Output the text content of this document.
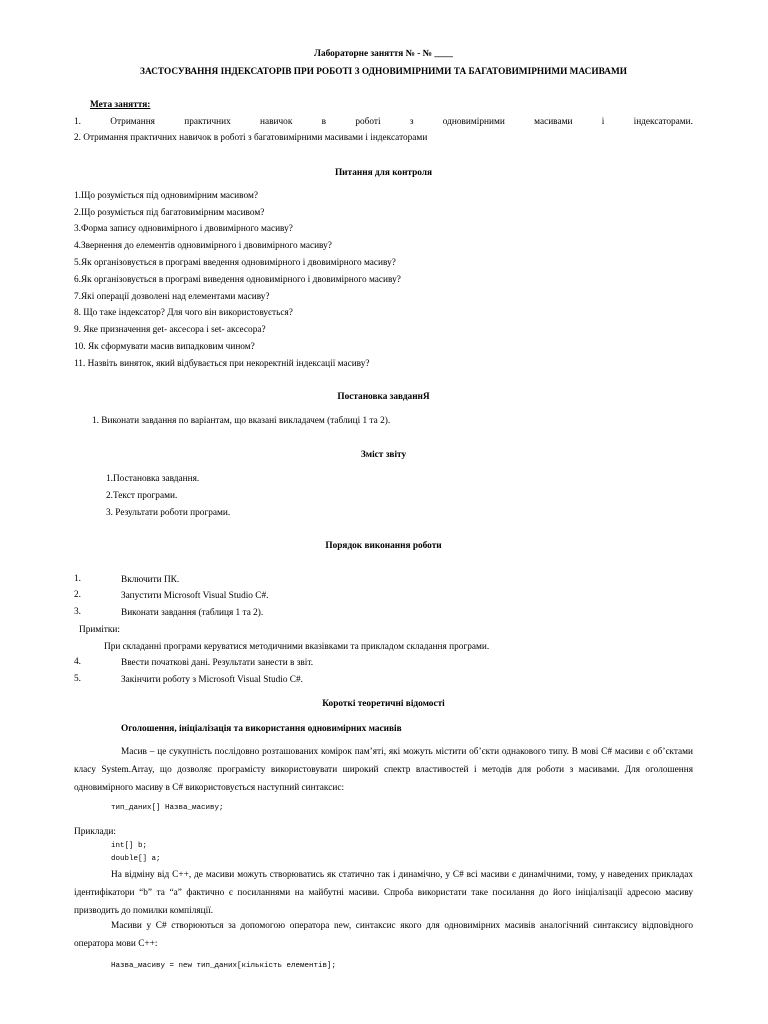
Лабораторне заняття № - № ____
ЗАСТОСУВАННЯ ІНДЕКСАТОРІВ ПРИ РОБОТІ З ОДНОВИМІРНИМИ ТА БАГАТОВИМІРНИМИ МАСИВАМИ
Мета заняття:
1. Отримання практичних навичок в роботі з одновимірними масивами і індексаторами.
2. Отримання практичних навичок в роботі з багатовимірними масивами і індексаторами
Питання для контроля
1.Що розуміється під одновимірним масивом?
2.Що розуміється під багатовимірним масивом?
3.Форма запису одновимірного і двовимірного масиву?
4.Звернення до елементів одновимірного і двовимірного масиву?
5.Як організовується в програмі введення одновимірного і двовимірного масиву?
6.Як організовується в програмі виведення одновимірного і двовимірного масиву?
7.Які операції дозволені над елементами масиву?
8. Що таке індексатор? Для чого він використовується?
9. Яке призначення get- аксесора і set- аксесора?
10. Як сформувати масив випадковим чином?
11. Назвіть виняток, який відбувається при некоректній індексації масиву?
Постановка завданнЯ
1. Виконати завдання по варіантам, що вказані викладачем (таблиці 1 та 2).
Зміст звіту
1.Постановка завдання.
2.Текст програми.
3. Результати роботи програми.
Порядок виконання роботи
1.	Включити ПК.
2.	Запустити Microsoft Visual Studio C#.
3.	Виконати завдання (таблиця 1 та 2).
Примітки:
При складанні програми керуватися методичними вказівками та прикладом складання програми.
4.	Ввести початкові дані. Результати занести в звіт.
5.	Закінчити роботу з Microsoft Visual Studio C#.
Короткі теоретичні відомості
Оголошення, ініціалізація та використання одновимірних масивів
Масив – це сукупність послідовно розташованих комірок пам’яті, які можуть містити об’єкти однакового типу. В мові C# масиви є об’єктами класу System.Array, що дозволяє програмісту використовувати широкий спектр властивостей і методів для роботи з масивами. Для оголошення одновимірного масиву в C# використовується наступний синтаксис:
тип_даних[] Назва_масиву;
Приклади:
int[] b;
double[] a;
На відміну від C++, де масиви можуть створюватись як статично так і динамічно, у C# всі масиви є динамічними, тому, у наведених прикладах ідентифікатори “b” та “a” фактично є посиланнями на майбутні масиви. Спроба використати таке посилання до його ініціалізації адресою масиву призводить до помилки компіляції.
Масиви у C# створюються за допомогою оператора new, синтаксис якого для одновимірних масивів аналогічний синтаксису відповідного оператора мови C++:
Назва_масиву = new тип_даних[кількість елементів];
